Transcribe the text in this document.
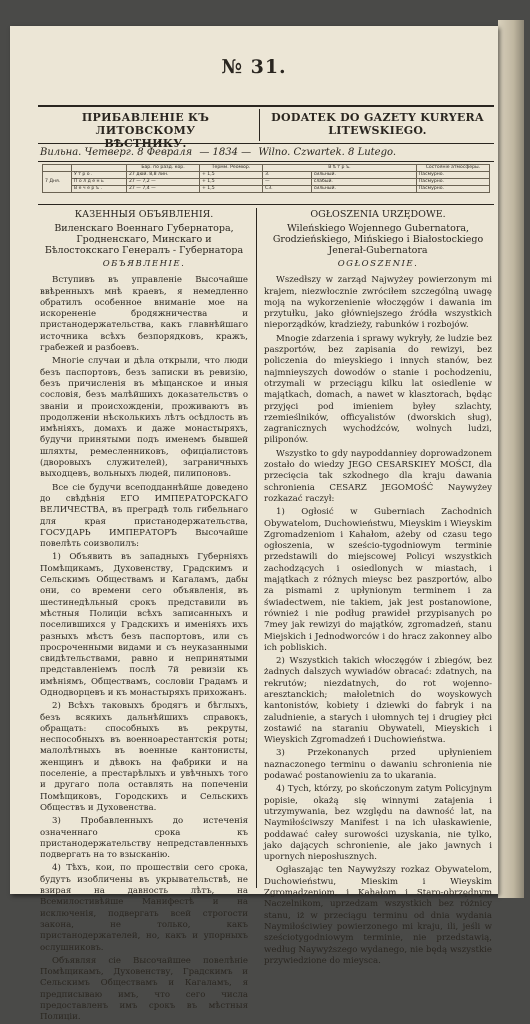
№ 31.
ПРИБАВЛЕНІЕ КЪ ЛИТОВСКОМУ
ВѢСТНИКУ.
DODATEK DO GAZETY KURYERA
LITEWSKIEGO.
Вильна. Четверг. 8 Февраля — 1834 — Wilno. Czwartek. 8 Lutego.
		Бар. по разд. кор.	Термм. Реомюр.	В ѣ т р ъ.		Состояніе атмосферы.
7 Дня.	У т р о .	27 дюй. 8,8 лин.	+ 1,5	З.	сильный.	Пасмурно.
	П о л д е н ь	27 — 7,2 —	+ 1,5	—	слабый.	Пасмурно.
	В е ч е р ъ .	27 — 7,4 —	+ 1,5	СЗ.	сильный.	Пасмурно.
КАЗЕННЫЯ ОБЪЯВЛЕНІЯ.
Виленскаго Военнаго Губернатора, Гродненскаго, Минскаго и Бѣлостокскаго Генералъ - Губернатора
ОБЪЯВЛЕНІЕ.

Вступивъ въ управленіе Высочайше ввѣренныхъ мнѣ краевъ, я немедленно обратилъ особенное вниманіе мое на искорененіе бродяжничества и пристанодержательства, какъ главнѣйшаго источника всѣхъ безпорядковъ, кражъ, грабежей и разбоевъ.

Многіе случаи и дѣла открыли, что люди безъ паспортовъ, безъ записки въ ревизію, безъ причисленія въ мѣщанское и иныя сословія, безъ малѣйшихъ доказательствъ о званіи и происхожденіи, проживаютъ въ продолженіи нѣсколькихъ лѣтъ осѣдлость въ имѣніяхъ, домахъ и даже монастыряхъ, будучи принятыми подъ именемъ бывшей шляхты, ремесленниковъ, офиціалистовъ (дворовыхъ служителей), заграничныхъ выходцевъ, вольныхъ людей, пилипоновъ.

Все сіе будучи всеподданнѣйше доведено до свѣдѣнія ЕГО ИМПЕРАТОРСКАГО ВЕЛИЧЕСТВА, въ преградѣ толь гибельнаго для края пристанодержательства, ГОСУДАРЬ ИМПЕРАТОРЪ Высочайше повелѣть соизволилъ:

1) Объявить въ западныхъ Губерніяхъ Помѣщикамъ, Духовенству, Градскимъ и Сельскимъ Обществамъ и Кагаламъ, дабы они, со времени сего объявленія, въ шестинедѣльный срокъ представили въ мѣстныя Полиціи всѣхъ записанныхъ и поселившихся у Градскихъ и именіяхъ ихъ разныхъ мѣстъ безъ паспортовъ, или съ просроченными видами и съ неуказанными свидѣтельствами, равно и непринятыми представленіемъ послѣ 7й ревизіи къ имѣніямъ, Обществамъ, сословіи Градамъ и Однодворцевъ и къ монастыряхъ прихожанъ.

2) Всѣхъ таковыхъ бродягъ и бѣглыхъ, безъ всякихъ дальнѣйшихъ справокъ, обращать: способныхъ въ рекруты, неспособныхъ въ военноарестантскія роты; малолѣтныхъ въ военные кантонисты, женщинъ и дѣвокъ на фабрики и на поселеніе, а престарѣлыхъ и увѣчныхъ того и другаго пола оставлять на попеченіи Помѣщиковъ, Городскихъ и Сельскихъ Обществъ и Духовенства.

3) Пробавленныхъ до истеченія означеннаго срока къ пристанодержательству непредставленныхъ подвергать на то взысканію.

4) Тѣхъ, кои, по прошествіи сего срока, будутъ изобличены въ укрывательствѣ, не взирая на давность лѣтъ, на Всемилостивѣйше Манифестѣ и на исключенія, подвергать всей строгости закона, не только, какъ пристанодержателей, но, какъ и упорныхъ ослушниковъ.

Объявляя сіе Высочайшее повелѣніе Помѣщикамъ, Духовенству, Градскимъ и Сельскимъ Обществамъ и Кагаламъ, я предписываю имъ, что сего числа предоставленъ имъ срокъ въ мѣстныя Полиціи.

OGŁOSZENIA URZĘDOWE.
Wileńskiego Wojennego Gubernatora, Grodzieńskiego, Mińskiego i Białostockiego Jenerał-Gubernatora
OGŁOSZENIE.

Wszedłszy w zarząd Najwyżey powierzonym mi krajem, niezwłocznie zwróciłem szczególną uwagę moją na wykorzenienie włoczęgów i dawania im przytułku, jako główniejszego źródła wszystkich nieporządków, kradzieży, rabunków i rozbojów.

Mnogie zdarzenia i sprawy wykryły, że ludzie bez paszportów, bez zapisania do rewizyi, bez policzenia do mieyskiego i innych stanów, bez najmnieyszych dowodów o stanie i pochodzeniu, otrzymali w przeciągu kilku lat osiedlenie w majątkach, domach, a nawet w klasztorach, będąc przyjęci pod imieniem byłey szlachty, rzemieślników, officyalistów (dworskich sług), zagranicznych wychodźców, wolnych ludzi, piliponów.

Wszystko to gdy naypoddanniey doprowadzonem zostało do wiedzy JEGO CESARSKIEY MOŚCI, dla przecięcia tak szkodnego dla kraju dawania schronienia CESARZ JEGOMOŚĆ Naywyżey rozkazać raczył:

1) Ogłosić w Guberniach Zachodnich Obywatelom, Duchowieństwu, Mieyskim i Wieyskim Zgromadzeniom i Kahałom, ażeby od czasu tego ogłoszenia, w sześcio-tygodniowym terminie przedstawili do miejscowej Policyi wszystkich zachodzących i osiedlonych w miastach, i majątkach z różnych mieysc bez paszportów, albo za pismami z upłynionym terminem i za świadectwem, nie takiem, jak jest postanowione, również i nie podług prawideł przypisanych po 7mey jak rewizyi do majątków, zgromadzeń, stanu Miejskich i Jednodworców i do hracz zakonney albo ich pobliskich.

2) Wszystkich takich włoczęgów i zbiegów, bez żadnych dalszych wywiadów obracać: zdatnych, na rekrutów; niezdatnych, do rot wojenno-aresztanckich; małoletnich do woyskowych kantonistów, kobiety i dziewki do fabryk i na zaludnienie, a starych i ułomnych tej i drugiey płci zostawić na staraniu Obywateli, Mieyskich i Wieyskich Zgromadzeń i Duchowieństwa.

3) Przekonanych przed upłynieniem naznaczonego terminu o dawaniu schronienia nie podawać postanowieniu za to ukarania.

4) Tych, którzy, po skończonym zatym Policyjnym popisie, okażą się winnymi zatajenia i utrzymywania, bez względu na dawność lat, na Naymiłościwszy Manifest i na ich ułaskawienie, poddawać całey surowości uzyskania, nie tylko, jako dających schronienie, ale jako jawnych i upornych nieposłusznych.

Ogłaszając ten Naywyższy rozkaz Obywatelom, Duchowieństwu, Mieskim i Wieyskim Zgromadzeniom, i Kahałom i Staro-obrzędnym Naczelnikom, uprzedzam wszystkich bez różnicy stanu, iż w przeciągu terminu od dnia wydania Naymiłościwiey powierzonego mi kraju, ili, jeśli w sześciotygodniowym terminie, nie przedstawią, według Naywyższego wydanego, nie będą wszystkie przywiedzione do mieysca.
